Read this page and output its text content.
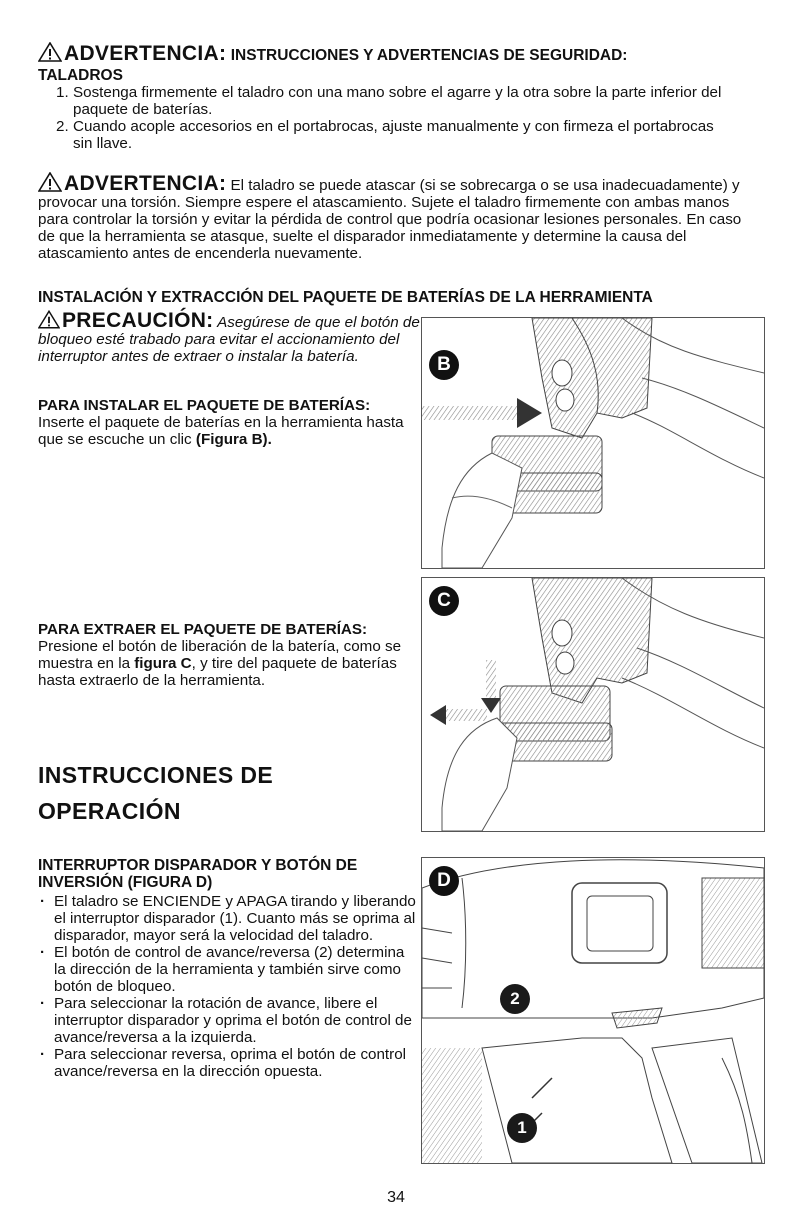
ADVERTENCIA: INSTRUCCIONES Y ADVERTENCIAS DE SEGURIDAD:
TALADROS
1. Sostenga firmemente el taladro con una mano sobre el agarre y la otra sobre la parte inferior del paquete de baterías.
2. Cuando acople accesorios en el portabrocas, ajuste manualmente y con firmeza el portabrocas sin llave.
ADVERTENCIA: El taladro se puede atascar (si se sobrecarga o se usa inadecuadamente) y provocar una torsión. Siempre espere el atascamiento. Sujete el taladro firmemente con ambas manos para controlar la torsión y evitar la pérdida de control que podría ocasionar lesiones personales. En caso de que la herramienta se atasque, suelte el disparador inmediatamente y determine la causa del atascamiento antes de encenderla nuevamente.
INSTALACIÓN Y EXTRACCIÓN DEL PAQUETE DE BATERÍAS DE LA HERRAMIENTA
PRECAUCIÓN: Asegúrese de que el botón de bloqueo esté trabado para evitar el accionamiento del interruptor antes de extraer o instalar la batería.
PARA INSTALAR EL PAQUETE DE BATERÍAS: Inserte el paquete de baterías en la herramienta hasta que se escuche un clic (Figura B).
PARA EXTRAER EL PAQUETE DE BATERÍAS: Presione el botón de liberación de la batería, como se muestra en la figura C, y tire del paquete de baterías hasta extraerlo de la herramienta.
INSTRUCCIONES DE
OPERACIÓN
INTERRUPTOR DISPARADOR Y BOTÓN DE INVERSIÓN (FIGURA D)
· El taladro se ENCIENDE y APAGA tirando y liberando el interruptor disparador (1). Cuanto más se oprima al disparador, mayor será la velocidad del taladro.
· El botón de control de avance/reversa (2) determina la dirección de la herramienta y también sirve como botón de bloqueo.
· Para seleccionar la rotación de avance, libere el interruptor disparador y oprima el botón de control de avance/reversa a la izquierda.
· Para seleccionar reversa, oprima el botón de control avance/reversa en la dirección opuesta.
B
C
D
2
1
34
